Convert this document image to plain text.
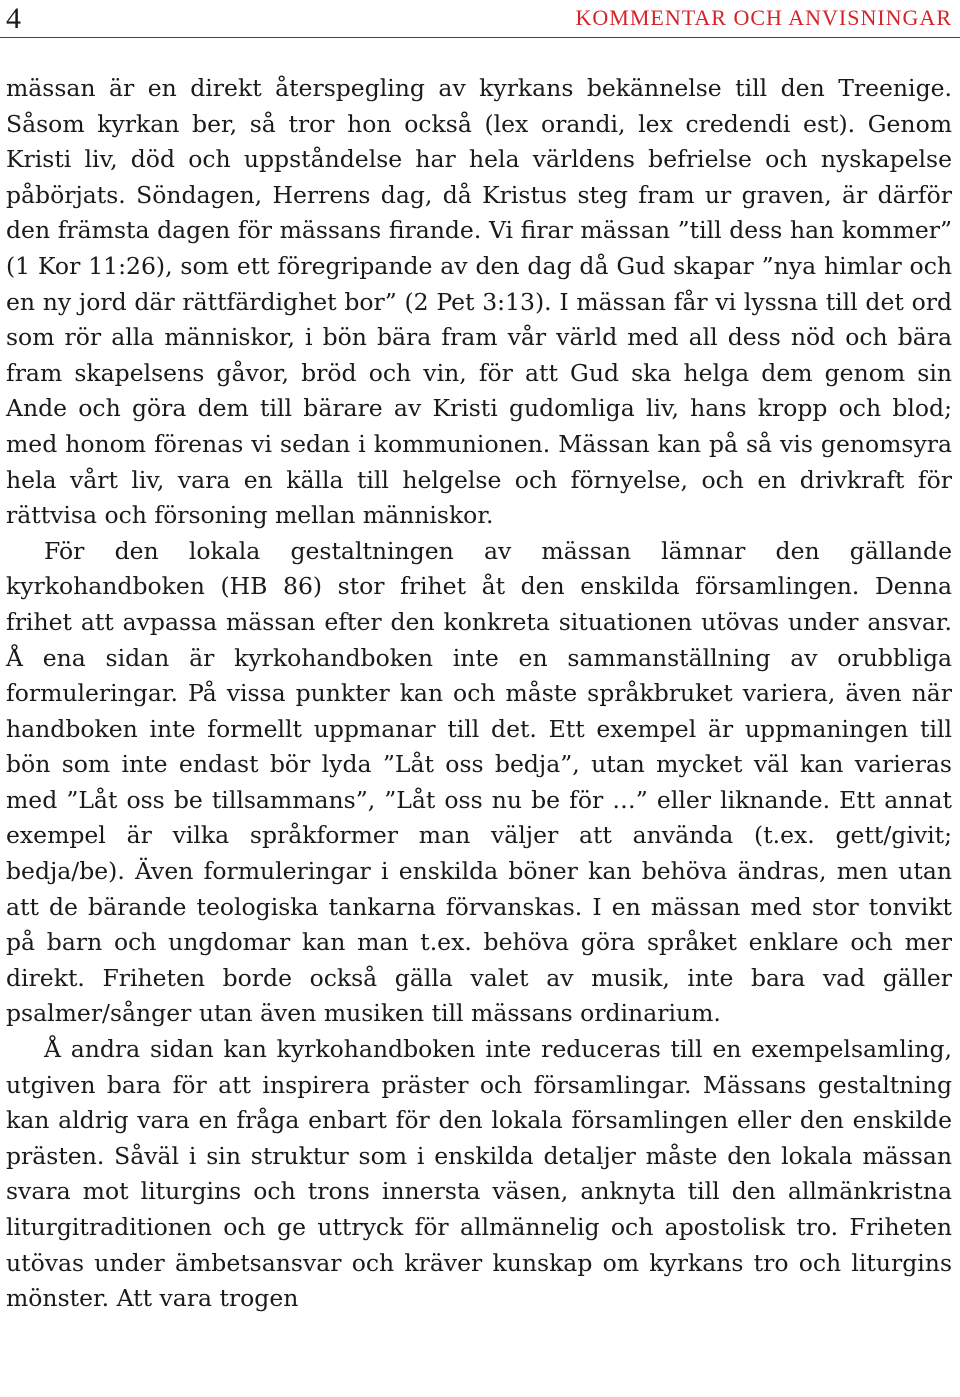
4	KOMMENTAR OCH ANVISNINGAR

mässan är en direkt återspegling av kyrkans bekännelse till den Treenige. Såsom kyrkan ber, så tror hon också (lex orandi, lex credendi est). Genom Kristi liv, död och uppståndelse har hela världens befrielse och nyskapelse påbörjats. Söndagen, Herrens dag, då Kristus steg fram ur graven, är därför den främsta dagen för mässans firande. Vi firar mässan ”till dess han kommer” (1 Kor 11:26), som ett föregripande av den dag då Gud skapar ”nya himlar och en ny jord där rättfärdighet bor” (2 Pet 3:13). I mässan får vi lyssna till det ord som rör alla människor, i bön bära fram vår värld med all dess nöd och bära fram skapelsens gåvor, bröd och vin, för att Gud ska helga dem genom sin Ande och göra dem till bärare av Kristi gudomliga liv, hans kropp och blod; med honom förenas vi sedan i kommunionen. Mässan kan på så vis genomsyra hela vårt liv, vara en källa till helgelse och förnyelse, och en drivkraft för rättvisa och försoning mellan människor.

För den lokala gestaltningen av mässan lämnar den gällande kyrkohandboken (HB 86) stor frihet åt den enskilda församlingen. Denna frihet att avpassa mässan efter den konkreta situationen utövas under ansvar. Å ena sidan är kyrkohandboken inte en sammanställning av orubbliga formuleringar. På vissa punkter kan och måste språkbruket variera, även när handboken inte formellt uppmanar till det. Ett exempel är uppmaningen till bön som inte endast bör lyda ”Låt oss bedja”, utan mycket väl kan varieras med ”Låt oss be tillsammans”, ”Låt oss nu be för …” eller liknande. Ett annat exempel är vilka språkformer man väljer att använda (t.ex. gett/givit; bedja/be). Även formuleringar i enskilda böner kan behöva ändras, men utan att de bärande teologiska tankarna förvanskas. I en mässan med stor tonvikt på barn och ungdomar kan man t.ex. behöva göra språket enklare och mer direkt. Friheten borde också gälla valet av musik, inte bara vad gäller psalmer/sånger utan även musiken till mässans ordinarium.

Å andra sidan kan kyrkohandboken inte reduceras till en exempelsamling, utgiven bara för att inspirera präster och församlingar. Mässans gestaltning kan aldrig vara en fråga enbart för den lokala församlingen eller den enskilde prästen. Såväl i sin struktur som i enskilda detaljer måste den lokala mässan svara mot liturgins och trons innersta väsen, anknyta till den allmänkristna liturgitraditionen och ge uttryck för allmännelig och apostolisk tro. Friheten utövas under ämbetsansvar och kräver kunskap om kyrkans tro och liturgins mönster. Att vara trogen
